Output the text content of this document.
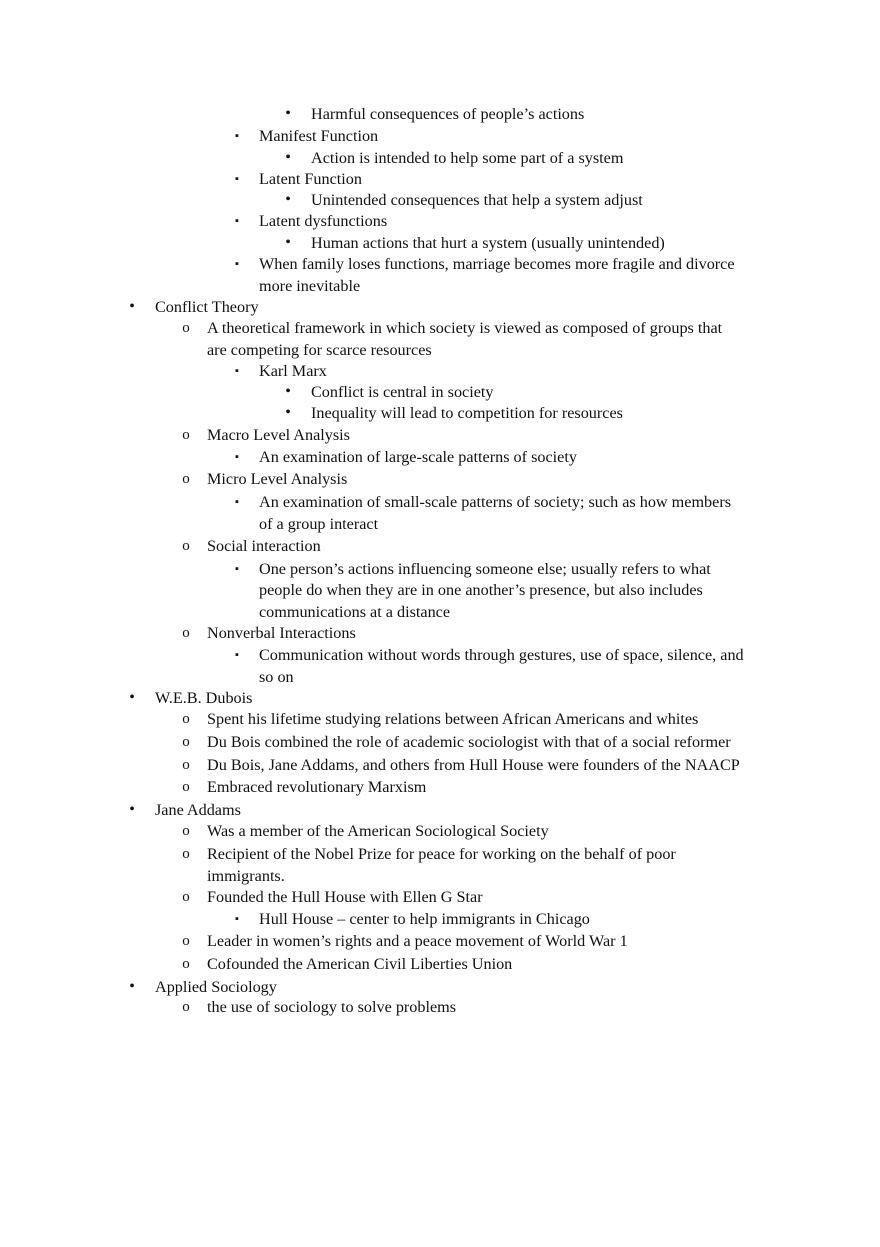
•	Harmful consequences of people’s actions
▪	Manifest Function
•	Action is intended to help some part of a system
▪	Latent Function
•	Unintended consequences that help a system adjust
▪	Latent dysfunctions
•	Human actions that hurt a system (usually unintended)
▪	When family loses functions, marriage becomes more fragile and divorce
more inevitable
•	Conflict Theory
o A theoretical framework in which society is viewed as composed of groups that
are competing for scarce resources
▪	Karl Marx
•	Conflict is central in society
•	Inequality will lead to competition for resources
o Macro Level Analysis
▪	An examination of large-scale patterns of society
o Micro Level Analysis
▪	An examination of small-scale patterns of society; such as how members
of a group interact
o Social interaction
▪	One person’s actions influencing someone else; usually refers to what
people do when they are in one another’s presence, but also includes
communications at a distance
o Nonverbal Interactions
▪	Communication without words through gestures, use of space, silence, and
so on
•	W.E.B. Dubois
o Spent his lifetime studying relations between African Americans and whites
o Du Bois combined the role of academic sociologist with that of a social reformer
o Du Bois, Jane Addams, and others from Hull House were founders of the NAACP
o Embraced revolutionary Marxism
•	Jane Addams
o Was a member of the American Sociological Society
o Recipient of the Nobel Prize for peace for working on the behalf of poor
immigrants.
o Founded the Hull House with Ellen G Star
▪	Hull House – center to help immigrants in Chicago
o Leader in women’s rights and a peace movement of World War 1
o Cofounded the American Civil Liberties Union
•	Applied Sociology
o the use of sociology to solve problems
